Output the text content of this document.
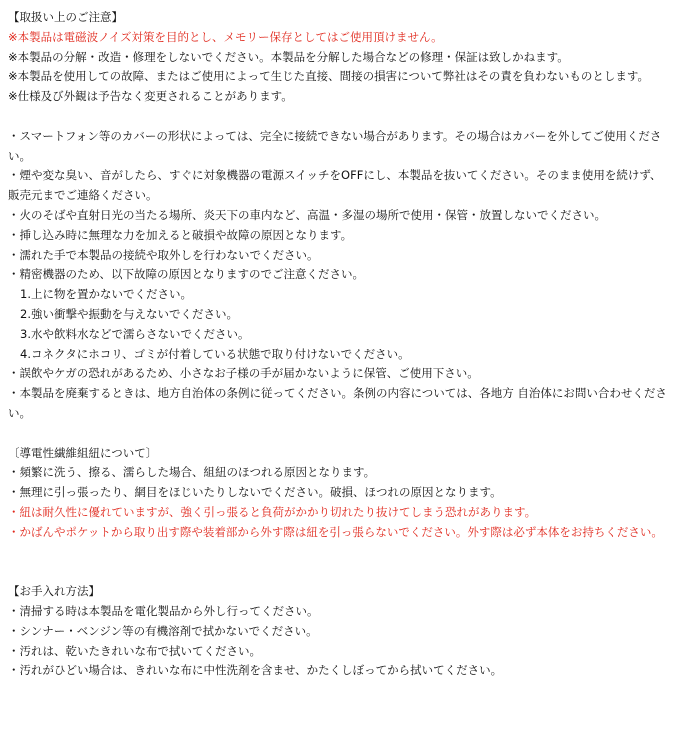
【取扱い上のご注意】
※本製品は電磁波ノイズ対策を目的とし、メモリー保存としてはご使用頂けません。
※本製品の分解・改造・修理をしないでください。本製品を分解した場合などの修理・保証は致しかねます。
※本製品を使用しての故障、またはご使用によって生じた直接、間接の損害について弊社はその責を負わないものとします。
※仕様及び外観は予告なく変更されることがあります。
・スマートフォン等のカバーの形状によっては、完全に接続できない場合があります。その場合はカバーを外してご使用くださ
い。
・煙や変な臭い、音がしたら、すぐに対象機器の電源スイッチをOFFにし、本製品を抜いてください。そのまま使用を続けず、
販売元までご連絡ください。
・火のそばや直射日光の当たる場所、炎天下の車内など、高温・多湿の場所で使用・保管・放置しないでください。
・挿し込み時に無理な力を加えると破損や故障の原因となります。
・濡れた手で本製品の接続や取外しを行わないでください。
・精密機器のため、以下故障の原因となりますのでご注意ください。
1.上に物を置かないでください。
2.強い衝撃や振動を与えないでください。
3.水や飲料水などで濡らさないでください。
4.コネクタにホコリ、ゴミが付着している状態で取り付けないでください。
・誤飲やケガの恐れがあるため、小さなお子様の手が届かないように保管、ご使用下さい。
・本製品を廃棄するときは、地方自治体の条例に従ってください。条例の内容については、各地方 自治体にお問い合わせくださ
い。
〔導電性繊維組紐について〕
・頻繁に洗う、擦る、濡らした場合、組紐のほつれる原因となります。
・無理に引っ張ったり、網目をほじいたりしないでください。破損、ほつれの原因となります。
・紐は耐久性に優れていますが、強く引っ張ると負荷がかかり切れたり抜けてしまう恐れがあります。
・かばんやポケットから取り出す際や装着部から外す際は紐を引っ張らないでください。外す際は必ず本体をお持ちください。
【お手入れ方法】
・清掃する時は本製品を電化製品から外し行ってください。
・シンナー・ベンジン等の有機溶剤で拭かないでください。
・汚れは、乾いたきれいな布で拭いてください。
・汚れがひどい場合は、きれいな布に中性洗剤を含ませ、かたくしぼってから拭いてください。
